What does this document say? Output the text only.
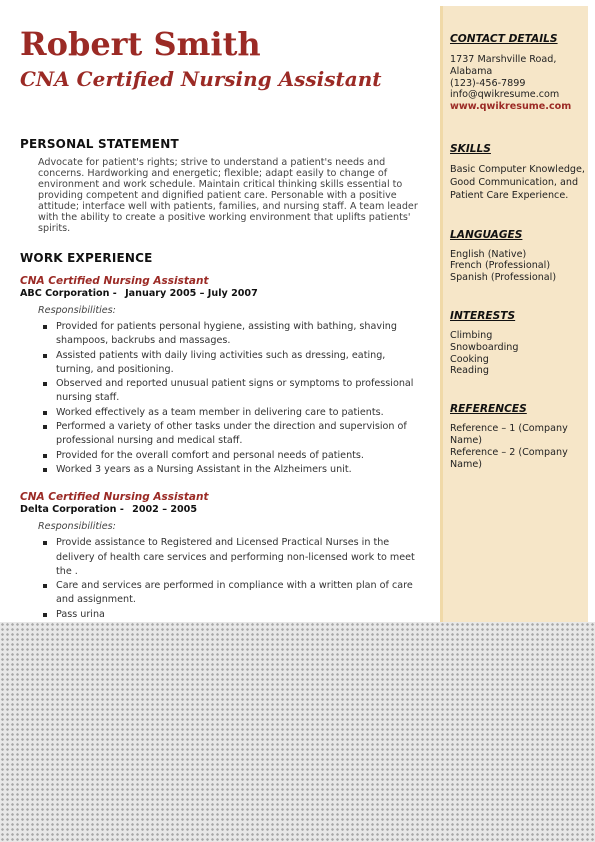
Robert Smith
CNA Certified Nursing Assistant
PERSONAL STATEMENT

Advocate for patient's rights; strive to understand a patient's needs and concerns. Hardworking and energetic; flexible; adapt easily to change of environment and work schedule. Maintain critical thinking skills essential to providing competent and dignified patient care. Personable with a positive attitude; interface well with patients, families, and nursing staff. A team leader with the ability to create a positive working environment that uplifts patients' spirits.

WORK EXPERIENCE

CNA Certified Nursing Assistant

ABC Corporation - January 2005 – July 2007

Responsibilities:

Provided for patients personal hygiene, assisting with bathing, shaving shampoos, backrubs and massages.
Assisted patients with daily living activities such as dressing, eating, turning, and positioning.
Observed and reported unusual patient signs or symptoms to professional nursing staff.
Worked effectively as a team member in delivering care to patients.
Performed a variety of other tasks under the direction and supervision of professional nursing and medical staff.
Provided for the overall comfort and personal needs of patients.
Worked 3 years as a Nursing Assistant in the Alzheimers unit.

CNA Certified Nursing Assistant

Delta Corporation - 2002 – 2005

Responsibilities:

Provide assistance to Registered and Licensed Practical Nurses in the delivery of health care services and performing non-licensed work to meet the .
Care and services are performed in compliance with a written plan of care and assignment.
Pass urina

CONTACT DETAILS

1737 Marshville Road,
Alabama
(123)-456-7899
info@qwikresume.com
www.qwikresume.com

SKILLS

Basic Computer Knowledge, Good Communication, and Patient Care Experience.

LANGUAGES

English (Native)
French (Professional)
Spanish (Professional)

INTERESTS

Climbing
Snowboarding
Cooking
Reading

REFERENCES

Reference – 1 (Company Name)
Reference – 2 (Company Name)
